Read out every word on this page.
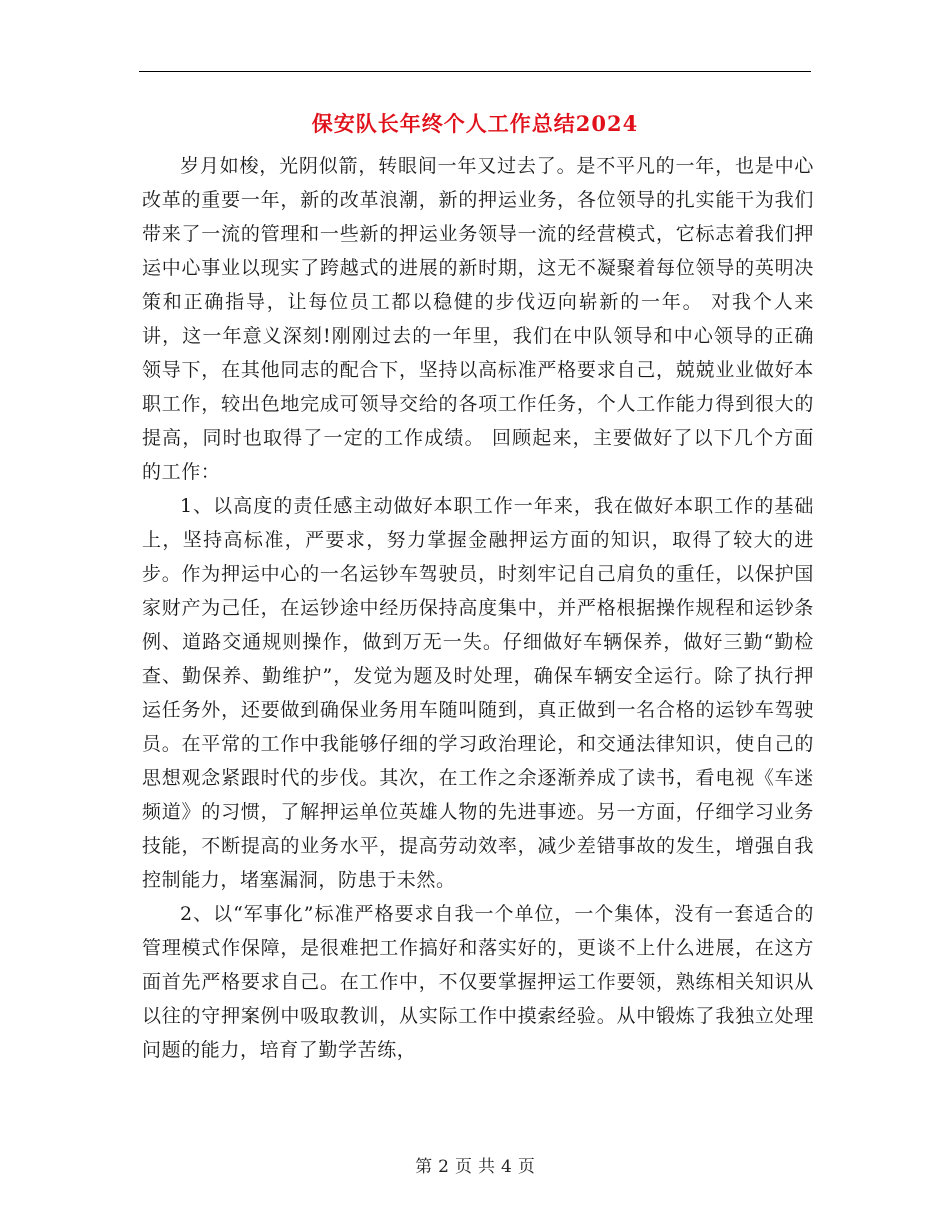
保安队长年终个人工作总结2024

岁月如梭，光阴似箭，转眼间一年又过去了。是不平凡的一年，也是中心改革的重要一年，新的改革浪潮，新的押运业务，各位领导的扎实能干为我们带来了一流的管理和一些新的押运业务领导一流的经营模式，它标志着我们押运中心事业以现实了跨越式的进展的新时期，这无不凝聚着每位领导的英明决策和正确指导，让每位员工都以稳健的步伐迈向崭新的一年。 对我个人来讲，这一年意义深刻!刚刚过去的一年里，我们在中队领导和中心领导的正确领导下，在其他同志的配合下，坚持以高标准严格要求自己，兢兢业业做好本职工作，较出色地完成可领导交给的各项工作任务，个人工作能力得到很大的提高，同时也取得了一定的工作成绩。 回顾起来，主要做好了以下几个方面的工作：

1、以高度的责任感主动做好本职工作一年来，我在做好本职工作的基础上，坚持高标准，严要求，努力掌握金融押运方面的知识，取得了较大的进步。作为押运中心的一名运钞车驾驶员，时刻牢记自己肩负的重任，以保护国家财产为己任，在运钞途中经历保持高度集中，并严格根据操作规程和运钞条例、道路交通规则操作，做到万无一失。仔细做好车辆保养，做好三勤“勤检查、勤保养、勤维护”，发觉为题及时处理，确保车辆安全运行。除了执行押运任务外，还要做到确保业务用车随叫随到，真正做到一名合格的运钞车驾驶员。在平常的工作中我能够仔细的学习政治理论，和交通法律知识，使自己的思想观念紧跟时代的步伐。其次，在工作之余逐渐养成了读书，看电视《车迷频道》的习惯，了解押运单位英雄人物的先进事迹。另一方面，仔细学习业务技能，不断提高的业务水平，提高劳动效率，减少差错事故的发生，增强自我控制能力，堵塞漏洞，防患于未然。

2、以“军事化”标准严格要求自我一个单位，一个集体，没有一套适合的管理模式作保障，是很难把工作搞好和落实好的，更谈不上什么进展，在这方面首先严格要求自己。在工作中，不仅要掌握押运工作要领，熟练相关知识从以往的守押案例中吸取教训，从实际工作中摸索经验。从中锻炼了我独立处理问题的能力，培育了勤学苦练，

第 2 页 共 4 页
